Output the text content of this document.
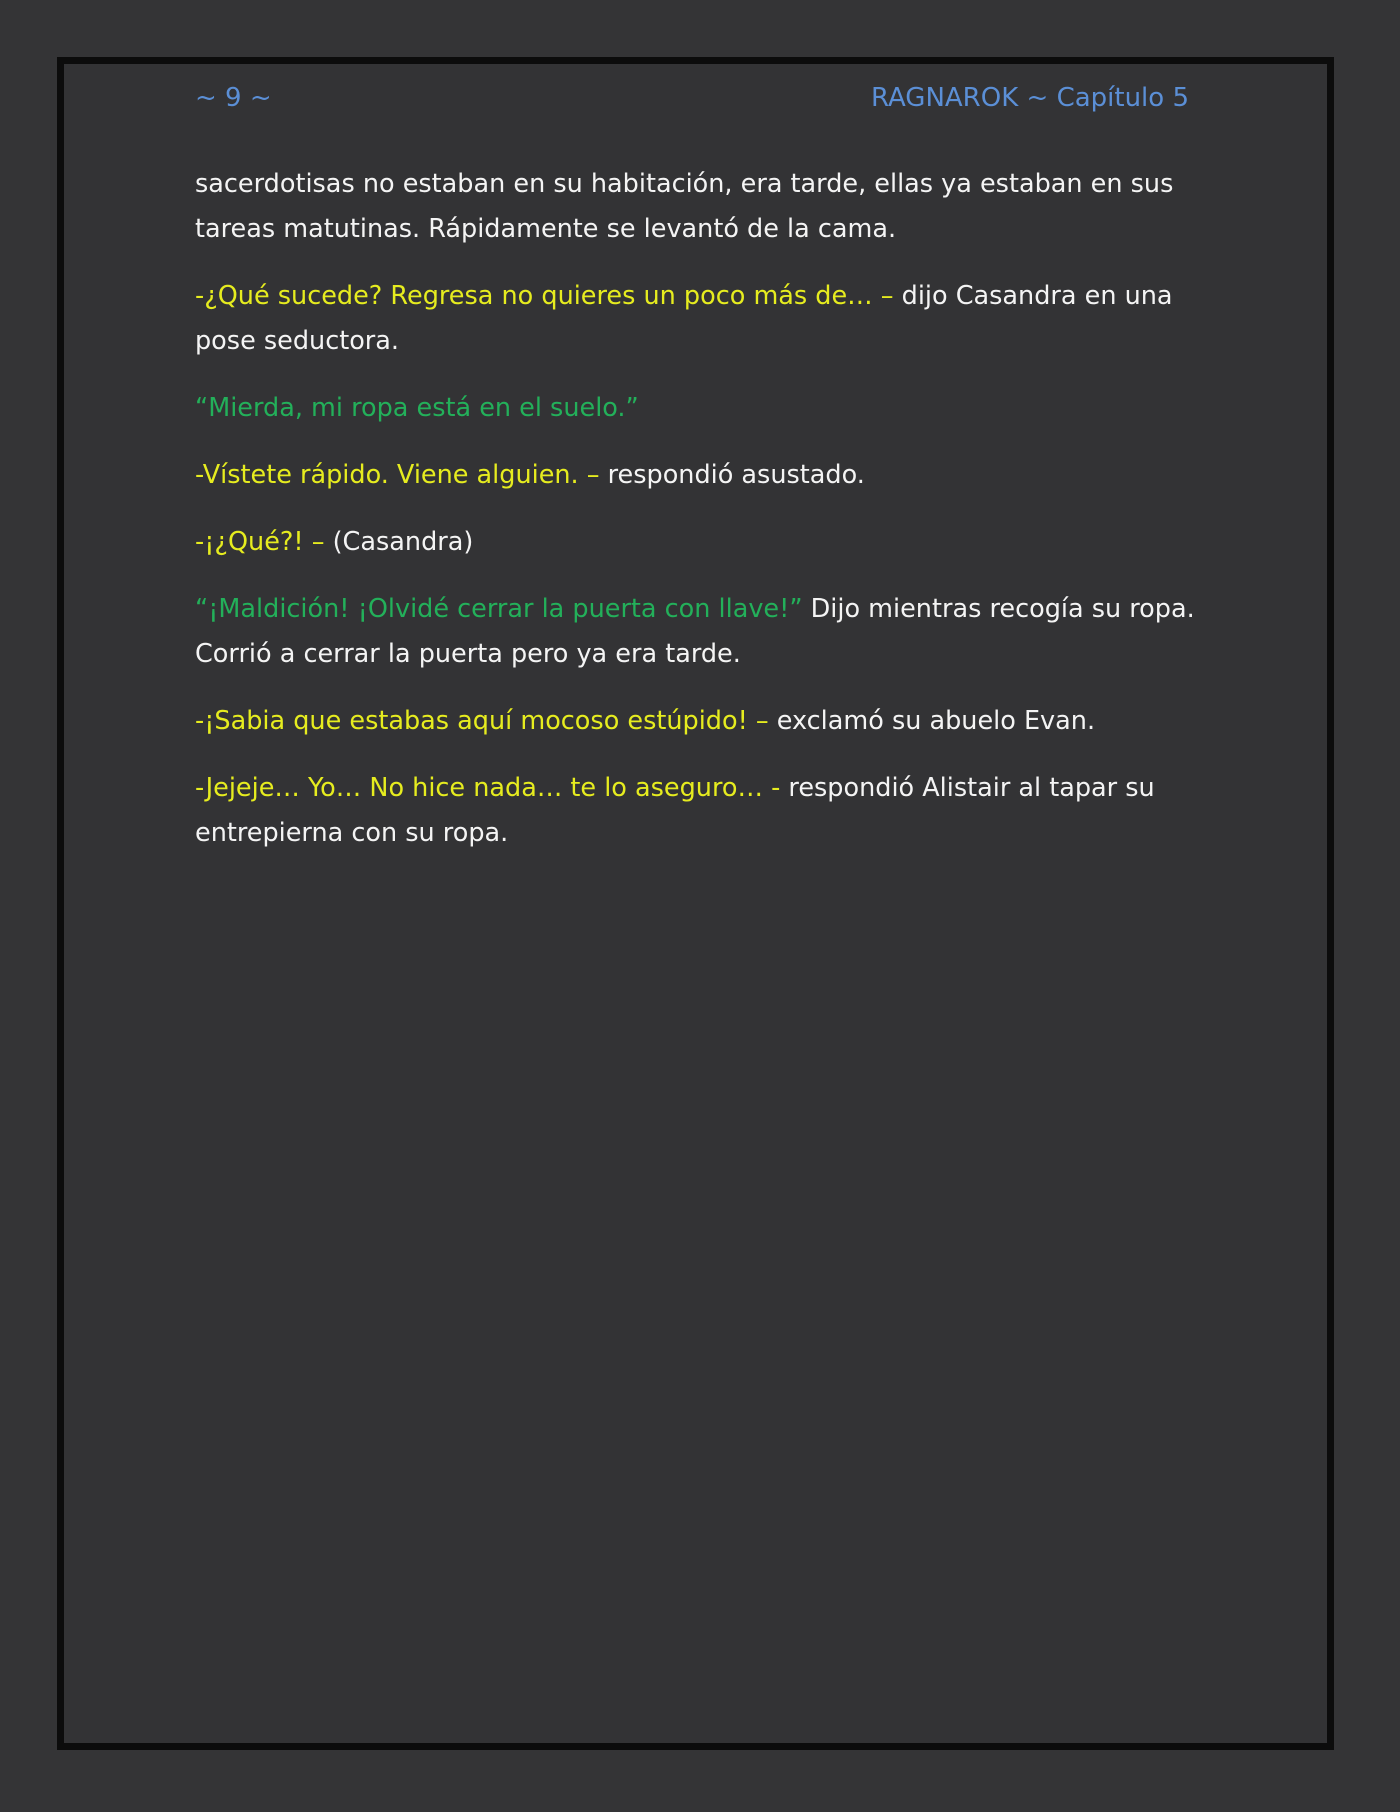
~ 9 ~	RAGNAROK ~ Capítulo 5

sacerdotisas no estaban en su habitación, era tarde, ellas ya estaban en sus tareas matutinas. Rápidamente se levantó de la cama.

-¿Qué sucede? Regresa no quieres un poco más de… – dijo Casandra en una pose seductora.

“Mierda, mi ropa está en el suelo.”

-Vístete rápido. Viene alguien. – respondió asustado.

-¡¿Qué?! – (Casandra)

“¡Maldición! ¡Olvidé cerrar la puerta con llave!” Dijo mientras recogía su ropa. Corrió a cerrar la puerta pero ya era tarde.

-¡Sabia que estabas aquí mocoso estúpido! – exclamó su abuelo Evan.

-Jejeje… Yo… No hice nada… te lo aseguro… - respondió Alistair al tapar su entrepierna con su ropa.
